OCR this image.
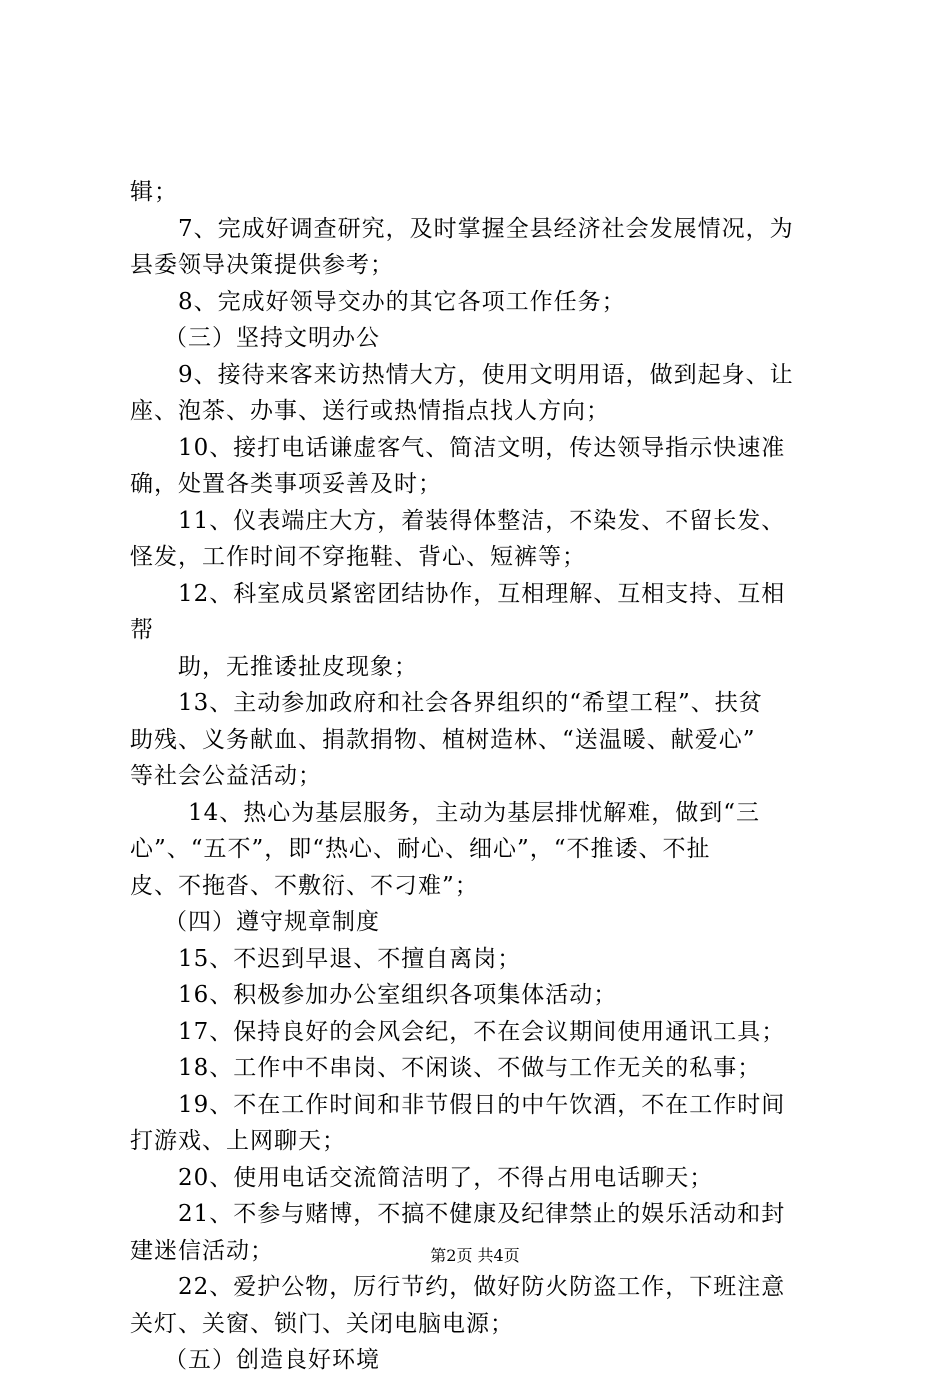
辑；
7、完成好调查研究，及时掌握全县经济社会发展情况，为
县委领导决策提供参考；
8、完成好领导交办的其它各项工作任务；
（三）坚持文明办公
9、接待来客来访热情大方，使用文明用语，做到起身、让
座、泡茶、办事、送行或热情指点找人方向；
10、接打电话谦虚客气、简洁文明，传达领导指示快速准
确，处置各类事项妥善及时；
11、仪表端庄大方，着装得体整洁，不染发、不留长发、
怪发，工作时间不穿拖鞋、背心、短裤等；
12、科室成员紧密团结协作，互相理解、互相支持、互相
帮
助，无推诿扯皮现象；
13、主动参加政府和社会各界组织的“希望工程”、扶贫
助残、义务献血、捐款捐物、植树造林、“送温暖、献爱心”
等社会公益活动；
14、热心为基层服务，主动为基层排忧解难，做到“三
心”、“五不”，即“热心、耐心、细心”，“不推诿、不扯
皮、不拖沓、不敷衍、不刁难”；
（四）遵守规章制度
15、不迟到早退、不擅自离岗；
16、积极参加办公室组织各项集体活动；
17、保持良好的会风会纪，不在会议期间使用通讯工具；
18、工作中不串岗、不闲谈、不做与工作无关的私事；
19、不在工作时间和非节假日的中午饮酒，不在工作时间
打游戏、上网聊天；
20、使用电话交流简洁明了，不得占用电话聊天；
21、不参与赌博，不搞不健康及纪律禁止的娱乐活动和封
建迷信活动；
22、爱护公物，厉行节约，做好防火防盗工作，下班注意
关灯、关窗、锁门、关闭电脑电源；
（五）创造良好环境
第2页 共4页
